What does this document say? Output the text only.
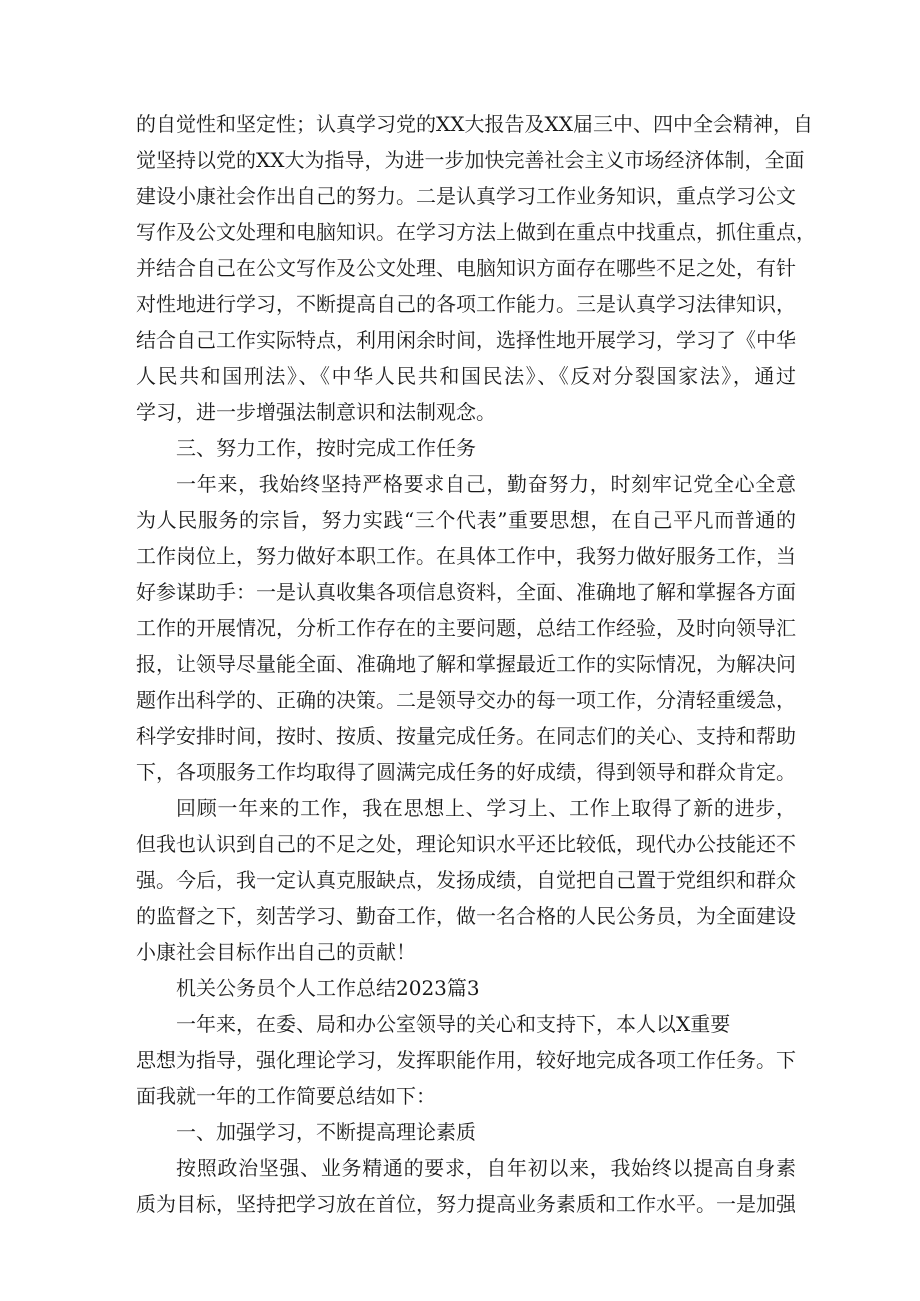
的自觉性和坚定性；认真学习党的XX大报告及XX届三中、四中全会精神，自
觉坚持以党的XX大为指导，为进一步加快完善社会主义市场经济体制，全面
建设小康社会作出自己的努力。二是认真学习工作业务知识，重点学习公文
写作及公文处理和电脑知识。在学习方法上做到在重点中找重点，抓住重点，
并结合自己在公文写作及公文处理、电脑知识方面存在哪些不足之处，有针
对性地进行学习，不断提高自己的各项工作能力。三是认真学习法律知识，
结合自己工作实际特点，利用闲余时间，选择性地开展学习，学习了《中华
人民共和国刑法》、《中华人民共和国民法》、《反对分裂国家法》，通过
学习，进一步增强法制意识和法制观念。
三、努力工作，按时完成工作任务
一年来，我始终坚持严格要求自己，勤奋努力，时刻牢记党全心全意
为人民服务的宗旨，努力实践“三个代表”重要思想，在自己平凡而普通的
工作岗位上，努力做好本职工作。在具体工作中，我努力做好服务工作，当
好参谋助手：一是认真收集各项信息资料，全面、准确地了解和掌握各方面
工作的开展情况，分析工作存在的主要问题，总结工作经验，及时向领导汇
报，让领导尽量能全面、准确地了解和掌握最近工作的实际情况，为解决问
题作出科学的、正确的决策。二是领导交办的每一项工作，分清轻重缓急，
科学安排时间，按时、按质、按量完成任务。在同志们的关心、支持和帮助
下，各项服务工作均取得了圆满完成任务的好成绩，得到领导和群众肯定。
回顾一年来的工作，我在思想上、学习上、工作上取得了新的进步，
但我也认识到自己的不足之处，理论知识水平还比较低，现代办公技能还不
强。今后，我一定认真克服缺点，发扬成绩，自觉把自己置于党组织和群众
的监督之下，刻苦学习、勤奋工作，做一名合格的人民公务员，为全面建设
小康社会目标作出自己的贡献！
机关公务员个人工作总结2023篇3
一年来，在委、局和办公室领导的关心和支持下，本人以X重要
思想为指导，强化理论学习，发挥职能作用，较好地完成各项工作任务。下
面我就一年的工作简要总结如下：
一、加强学习，不断提高理论素质
按照政治坚强、业务精通的要求，自年初以来，我始终以提高自身素
质为目标，坚持把学习放在首位，努力提高业务素质和工作水平。一是加强
